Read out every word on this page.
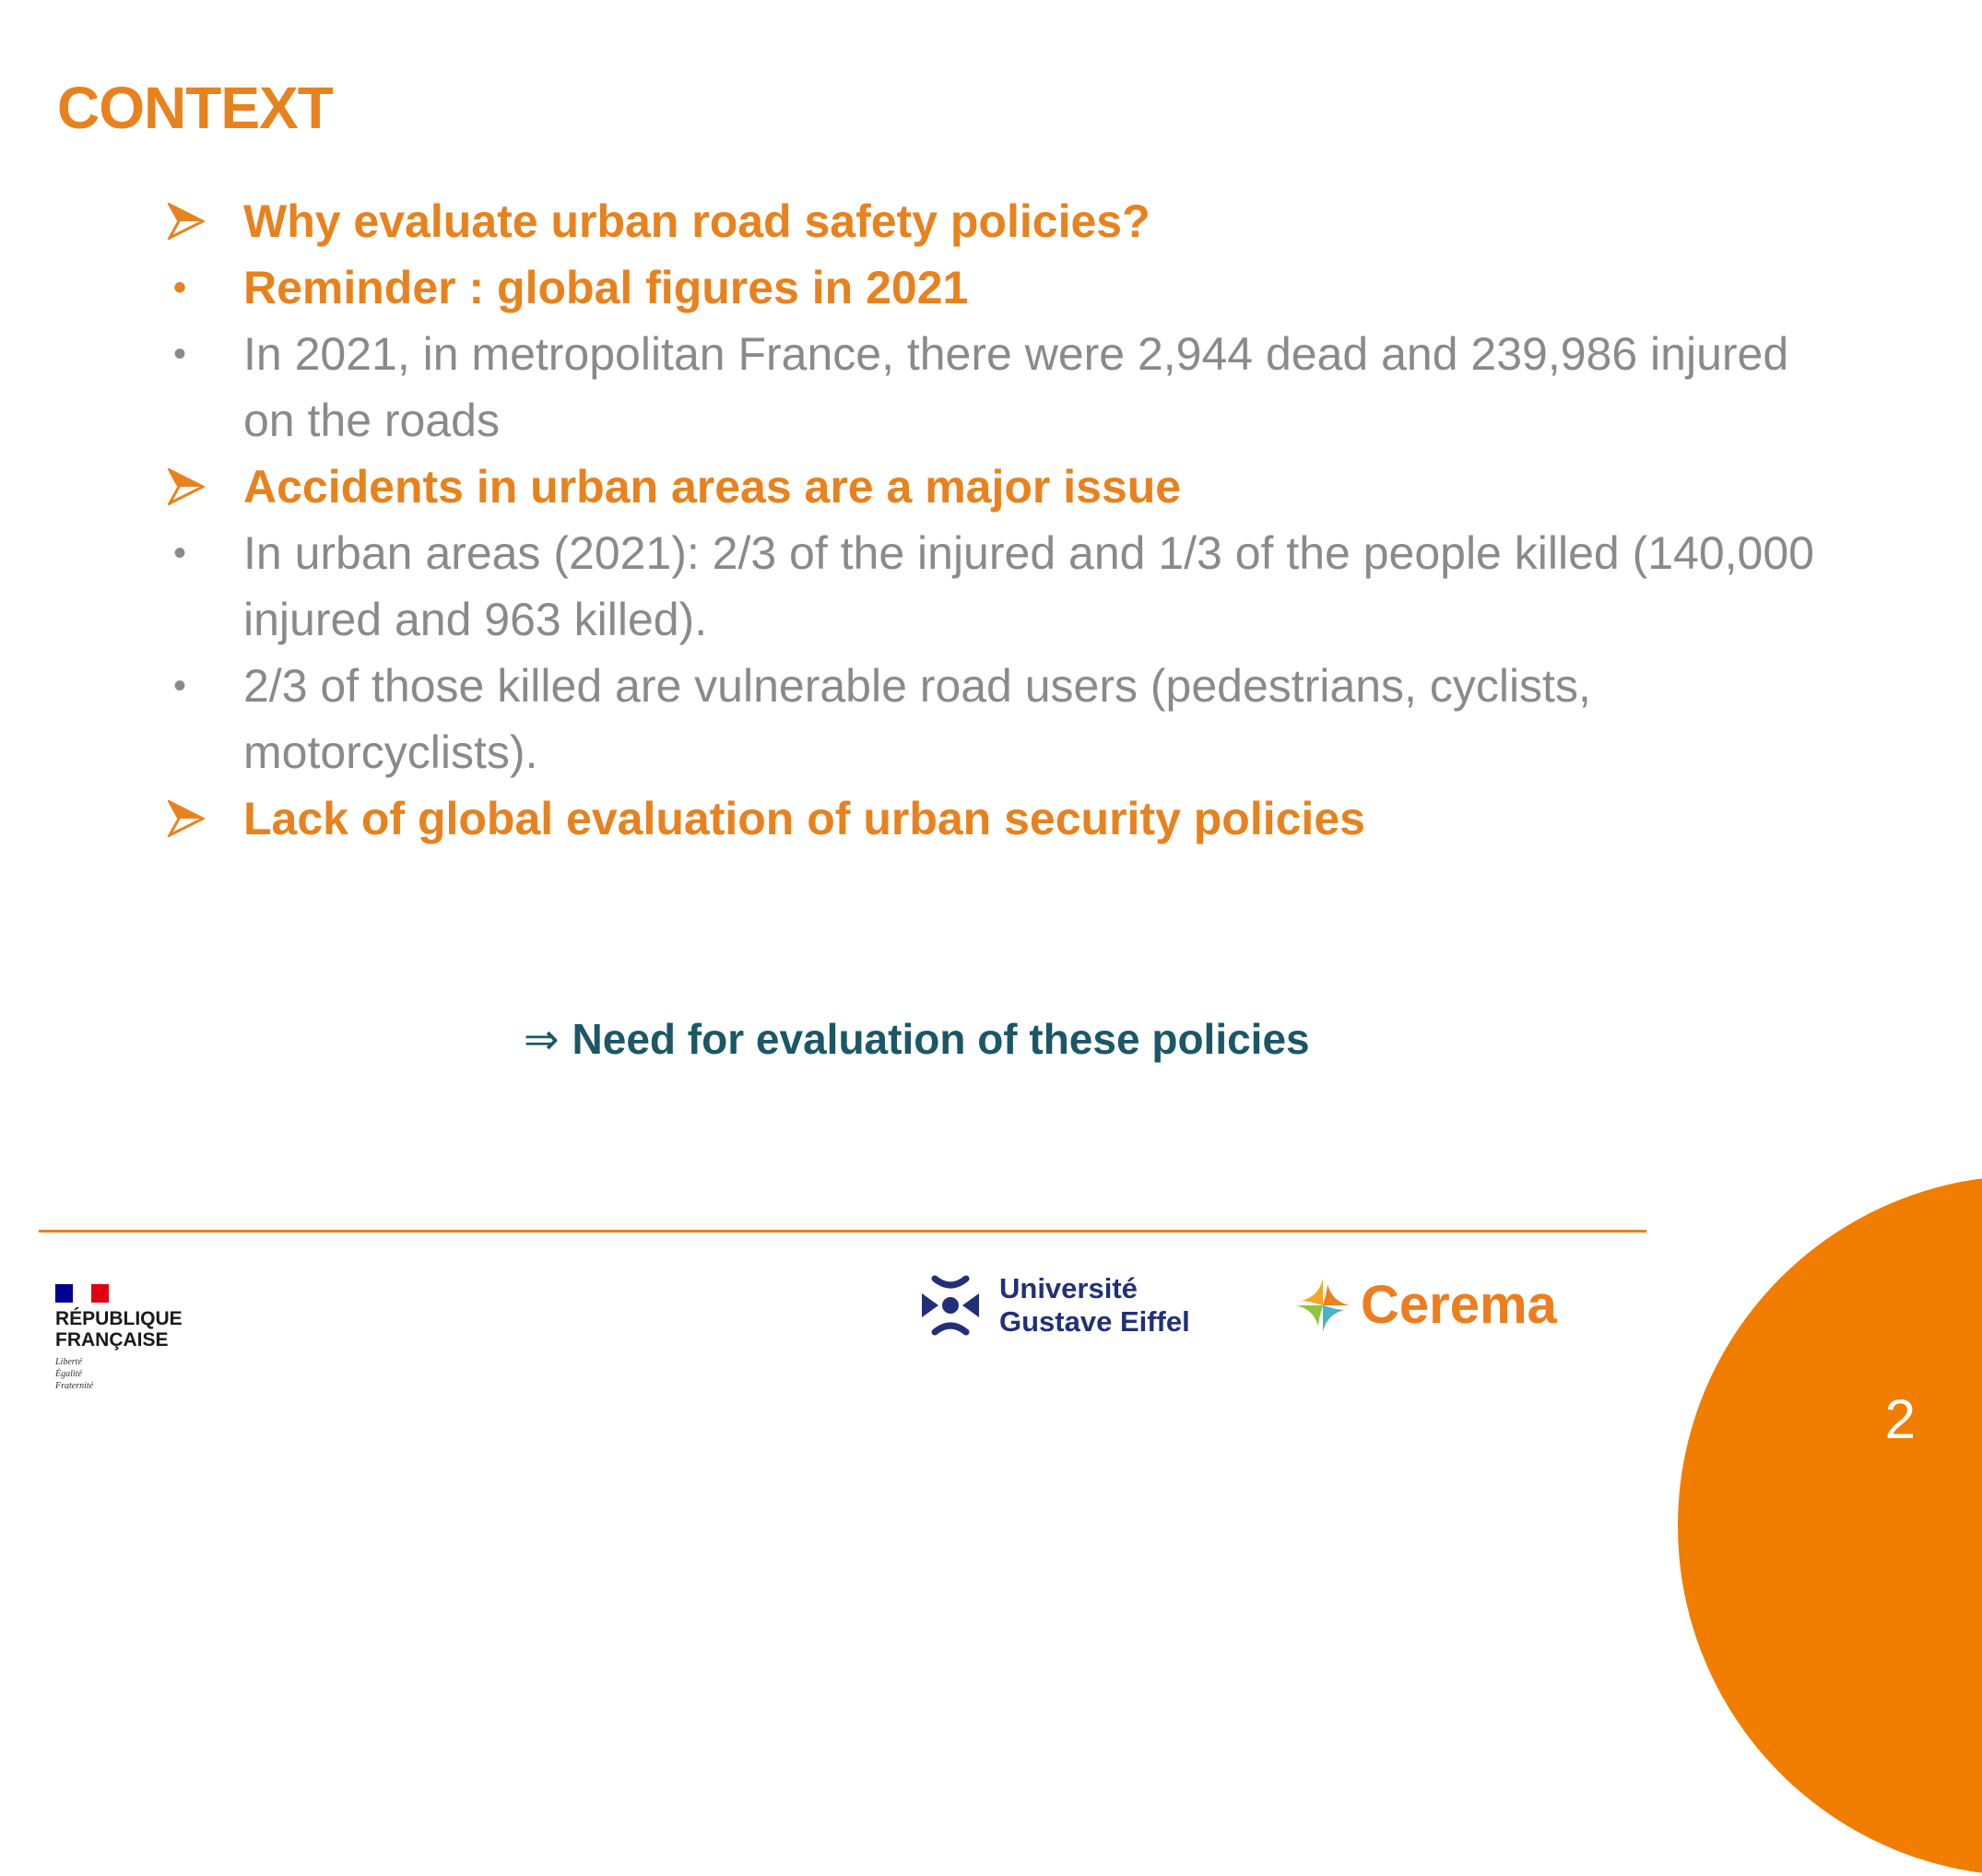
CONTEXT
Why evaluate urban road safety policies?
•	Reminder : global figures in 2021
•	In 2021, in metropolitan France, there were 2,944 dead and 239,986 injured on the roads
Accidents in urban areas are a major issue
•	In urban areas (2021): 2/3 of the injured and 1/3 of the people killed (140,000 injured and 963 killed).
•	2/3 of those killed are vulnerable road users (pedestrians, cyclists, motorcyclists).
Lack of global evaluation of urban security policies
⇒ Need for evaluation of these policies
2
RÉPUBLIQUE
FRANÇAISE
Liberté
Égalité
Fraternité
Université
Gustave Eiffel	Cerema
